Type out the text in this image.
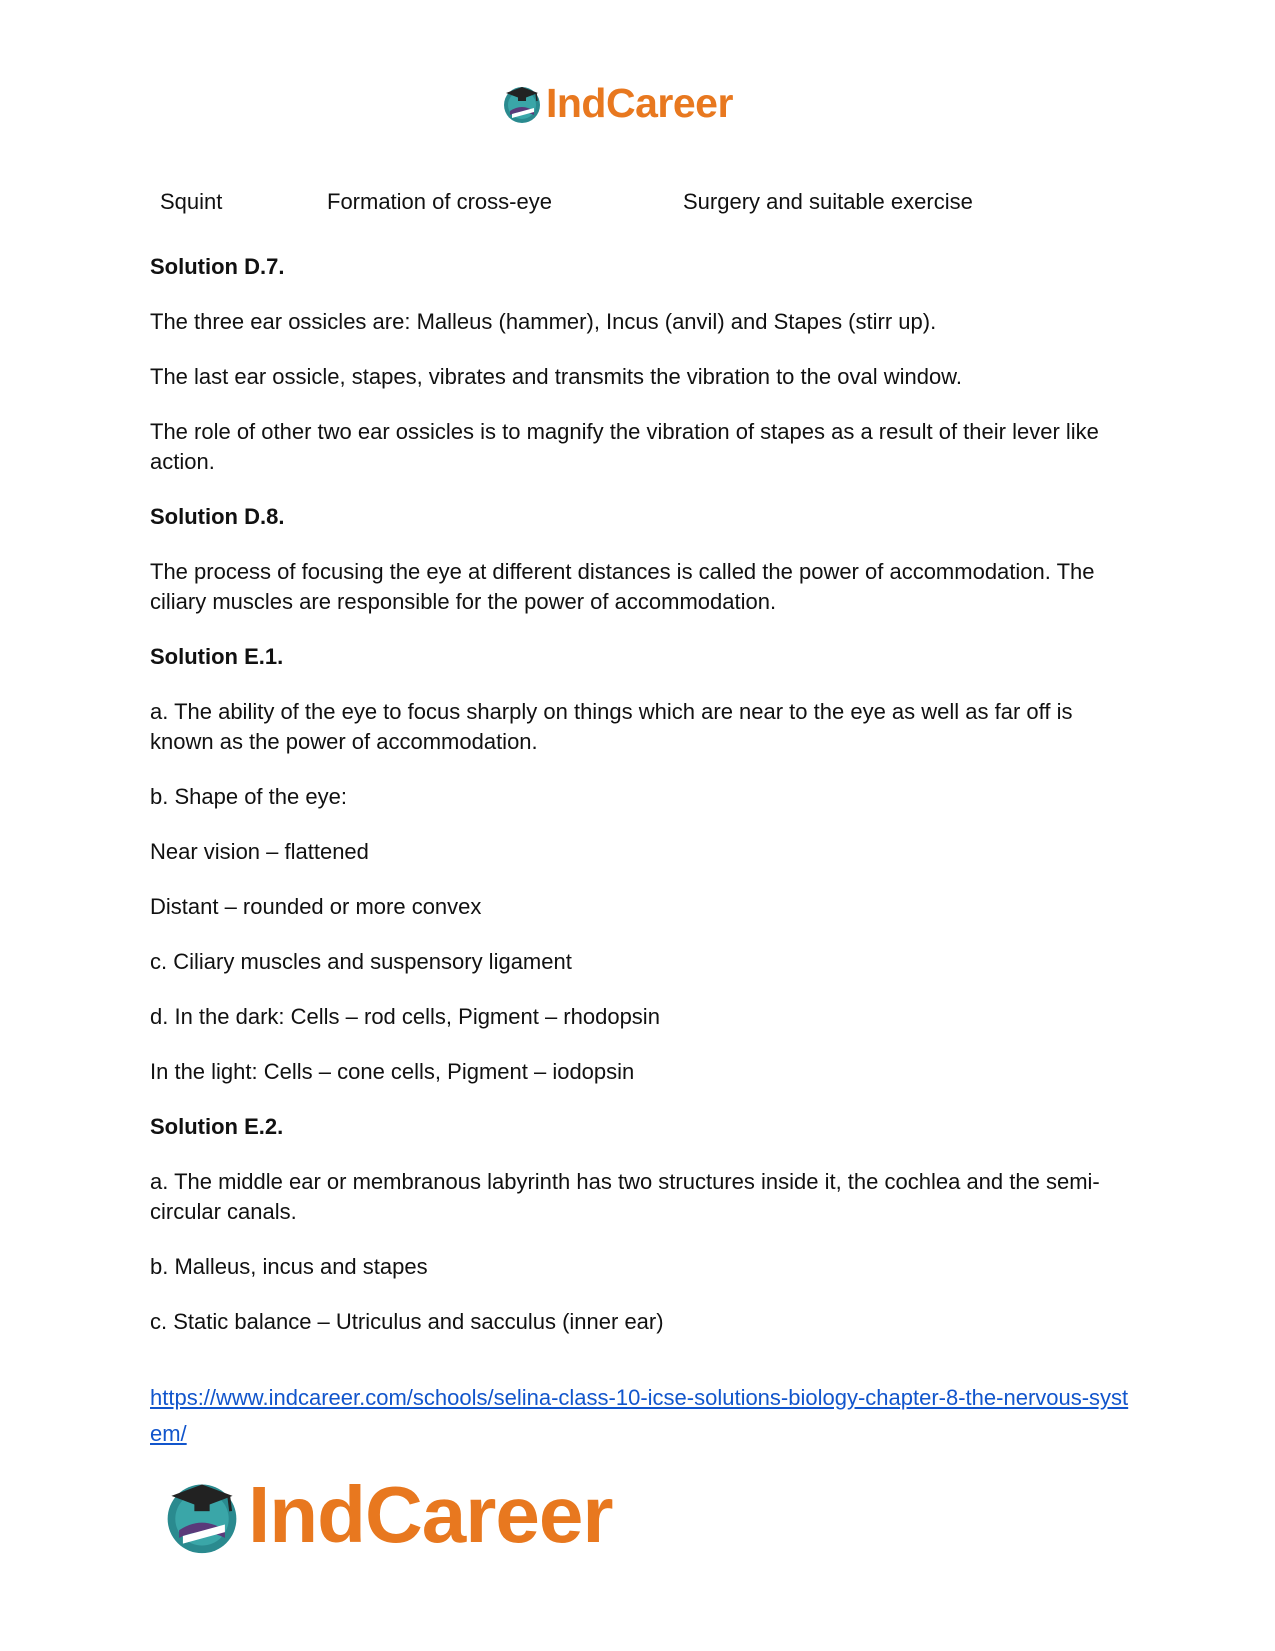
IndCareer
Squint	Formation of cross-eye	Surgery and suitable exercise

Solution D.7.

The three ear ossicles are: Malleus (hammer), Incus (anvil) and Stapes (stirr up).

The last ear ossicle, stapes, vibrates and transmits the vibration to the oval window.

The role of other two ear ossicles is to magnify the vibration of stapes as a result of their lever like action.

Solution D.8.

The process of focusing the eye at different distances is called the power of accommodation. The ciliary muscles are responsible for the power of accommodation.

Solution E.1.

a. The ability of the eye to focus sharply on things which are near to the eye as well as far off is known as the power of accommodation.

b. Shape of the eye:

Near vision – flattened

Distant – rounded or more convex

c. Ciliary muscles and suspensory ligament

d. In the dark: Cells – rod cells, Pigment – rhodopsin

In the light: Cells – cone cells, Pigment – iodopsin

Solution E.2.

a. The middle ear or membranous labyrinth has two structures inside it, the cochlea and the semi-circular canals.

b. Malleus, incus and stapes

c. Static balance – Utriculus and sacculus (inner ear)

https://www.indcareer.com/schools/selina-class-10-icse-solutions-biology-chapter-8-the-nervous-system/
IndCareer
